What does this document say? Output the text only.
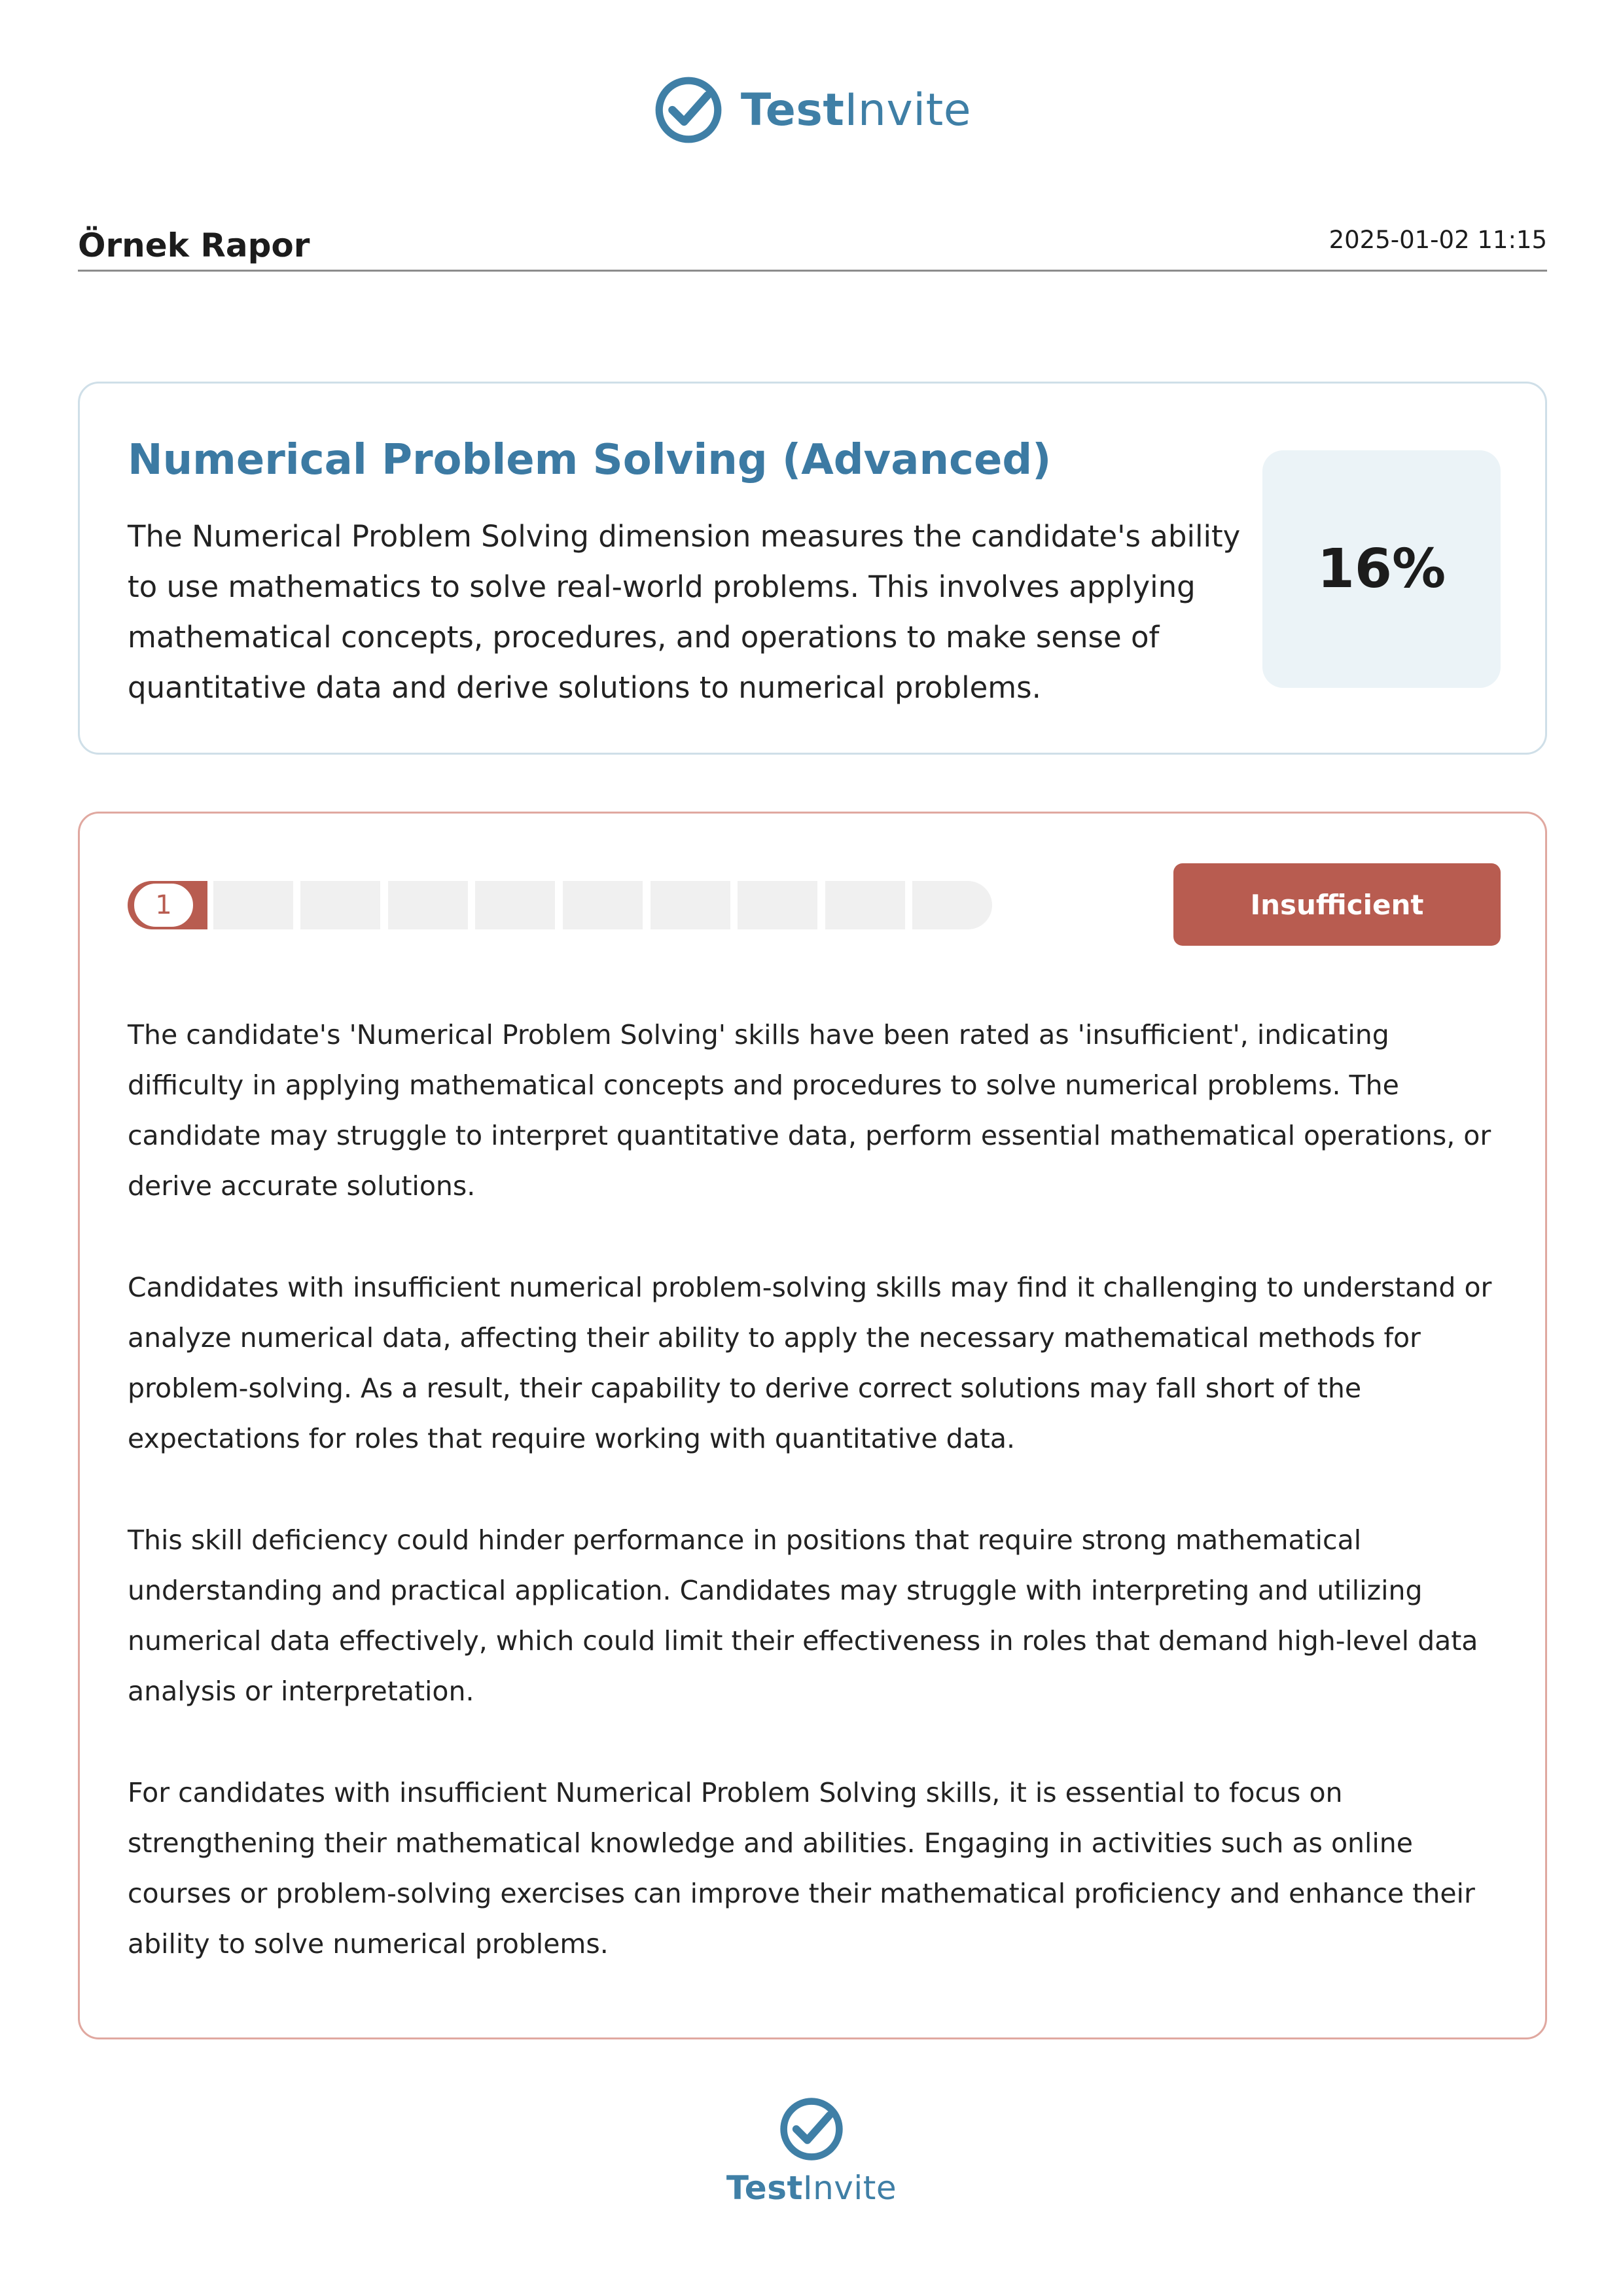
TestInvite
Örnek Rapor	2025-01-02 11:15
Numerical Problem Solving (Advanced)
The Numerical Problem Solving dimension measures the candidate's ability to use mathematics to solve real-world problems. This involves applying mathematical concepts, procedures, and operations to make sense of quantitative data and derive solutions to numerical problems.
16%
1	Insufficient

The candidate's 'Numerical Problem Solving' skills have been rated as 'insufficient', indicating difficulty in applying mathematical concepts and procedures to solve numerical problems. The candidate may struggle to interpret quantitative data, perform essential mathematical operations, or derive accurate solutions.

Candidates with insufficient numerical problem-solving skills may find it challenging to understand or analyze numerical data, affecting their ability to apply the necessary mathematical methods for problem-solving. As a result, their capability to derive correct solutions may fall short of the expectations for roles that require working with quantitative data.

This skill deficiency could hinder performance in positions that require strong mathematical understanding and practical application. Candidates may struggle with interpreting and utilizing numerical data effectively, which could limit their effectiveness in roles that demand high-level data analysis or interpretation.

For candidates with insufficient Numerical Problem Solving skills, it is essential to focus on strengthening their mathematical knowledge and abilities. Engaging in activities such as online courses or problem-solving exercises can improve their mathematical proficiency and enhance their ability to solve numerical problems.

TestInvite
